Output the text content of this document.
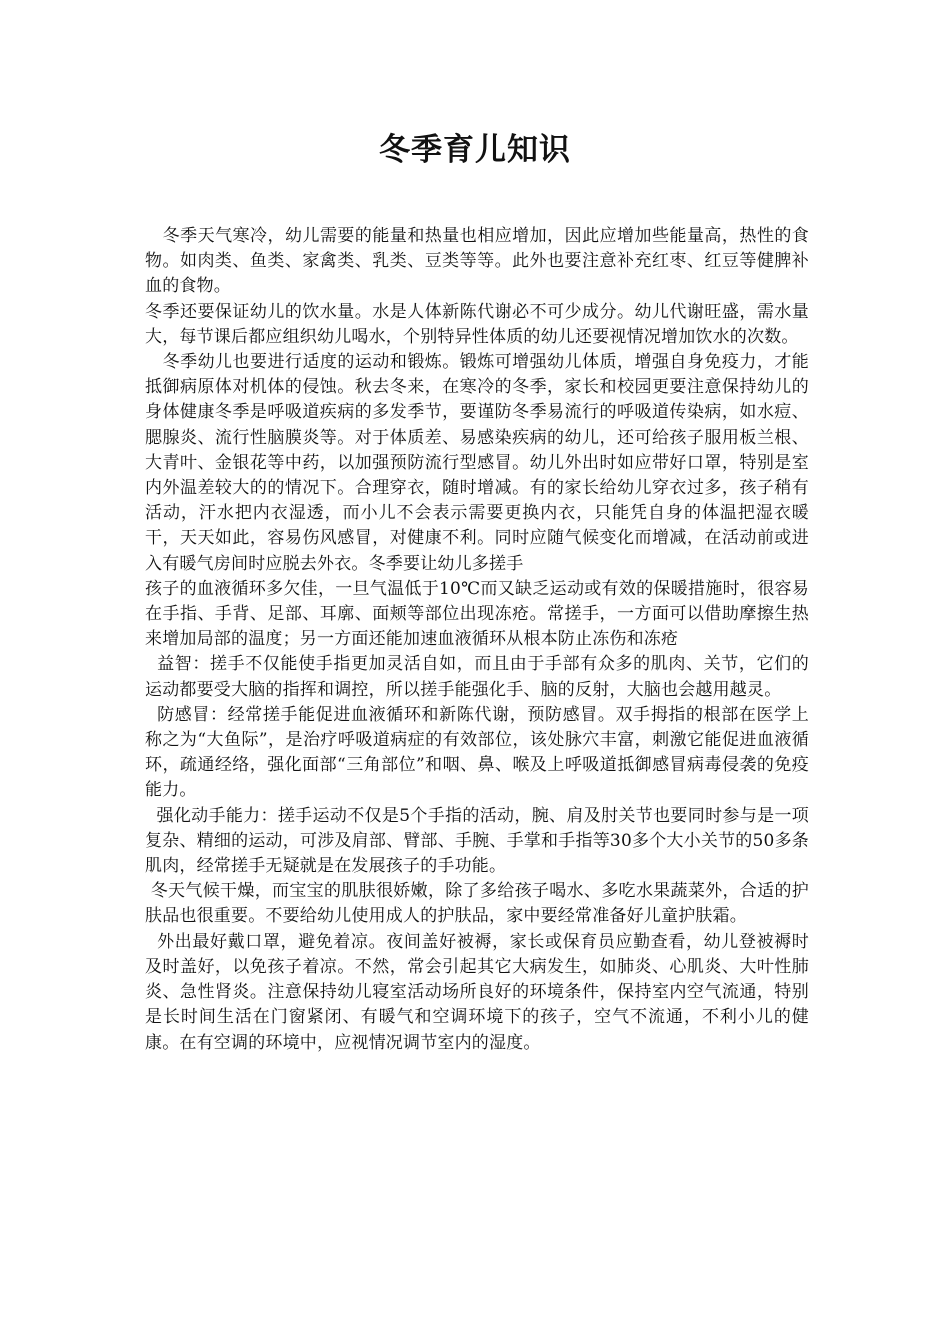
冬季育儿知识

冬季天气寒冷，幼儿需要的能量和热量也相应增加，因此应增加些能量高，热性的食物。如肉类、鱼类、家禽类、乳类、豆类等等。此外也要注意补充红枣、红豆等健脾补血的食物。

冬季还要保证幼儿的饮水量。水是人体新陈代谢必不可少成分。幼儿代谢旺盛，需水量大，每节课后都应组织幼儿喝水，个别特异性体质的幼儿还要视情况增加饮水的次数。

冬季幼儿也要进行适度的运动和锻炼。锻炼可增强幼儿体质，增强自身免疫力，才能抵御病原体对机体的侵蚀。秋去冬来，在寒冷的冬季，家长和校园更要注意保持幼儿的身体健康冬季是呼吸道疾病的多发季节，要谨防冬季易流行的呼吸道传染病，如水痘、腮腺炎、流行性脑膜炎等。对于体质差、易感染疾病的幼儿，还可给孩子服用板兰根、大青叶、金银花等中药，以加强预防流行型感冒。幼儿外出时如应带好口罩，特别是室内外温差较大的的情况下。合理穿衣，随时增减。有的家长给幼儿穿衣过多，孩子稍有活动，汗水把内衣湿透，而小儿不会表示需要更换内衣，只能凭自身的体温把湿衣暖干，天天如此，容易伤风感冒，对健康不利。同时应随气候变化而增减，在活动前或进入有暖气房间时应脱去外衣。冬季要让幼儿多搓手

孩子的血液循环多欠佳，一旦气温低于10℃而又缺乏运动或有效的保暖措施时，很容易在手指、手背、足部、耳廓、面颊等部位出现冻疮。常搓手，一方面可以借助摩擦生热来增加局部的温度；另一方面还能加速血液循环从根本防止冻伤和冻疮

益智：搓手不仅能使手指更加灵活自如，而且由于手部有众多的肌肉、关节，它们的运动都要受大脑的指挥和调控，所以搓手能强化手、脑的反射，大脑也会越用越灵。

防感冒：经常搓手能促进血液循环和新陈代谢，预防感冒。双手拇指的根部在医学上称之为“大鱼际”，是治疗呼吸道病症的有效部位，该处脉穴丰富，刺激它能促进血液循环，疏通经络，强化面部“三角部位”和咽、鼻、喉及上呼吸道抵御感冒病毒侵袭的免疫能力。

强化动手能力：搓手运动不仅是5个手指的活动，腕、肩及肘关节也要同时参与是一项复杂、精细的运动，可涉及肩部、臂部、手腕、手掌和手指等30多个大小关节的50多条肌肉，经常搓手无疑就是在发展孩子的手功能。

冬天气候干燥，而宝宝的肌肤很娇嫩，除了多给孩子喝水、多吃水果蔬菜外，合适的护肤品也很重要。不要给幼儿使用成人的护肤品，家中要经常准备好儿童护肤霜。

外出最好戴口罩，避免着凉。夜间盖好被褥，家长或保育员应勤查看，幼儿登被褥时及时盖好，以免孩子着凉。不然，常会引起其它大病发生，如肺炎、心肌炎、大叶性肺炎、急性肾炎。注意保持幼儿寝室活动场所良好的环境条件，保持室内空气流通，特别是长时间生活在门窗紧闭、有暖气和空调环境下的孩子，空气不流通，不利小儿的健康。在有空调的环境中，应视情况调节室内的湿度。
